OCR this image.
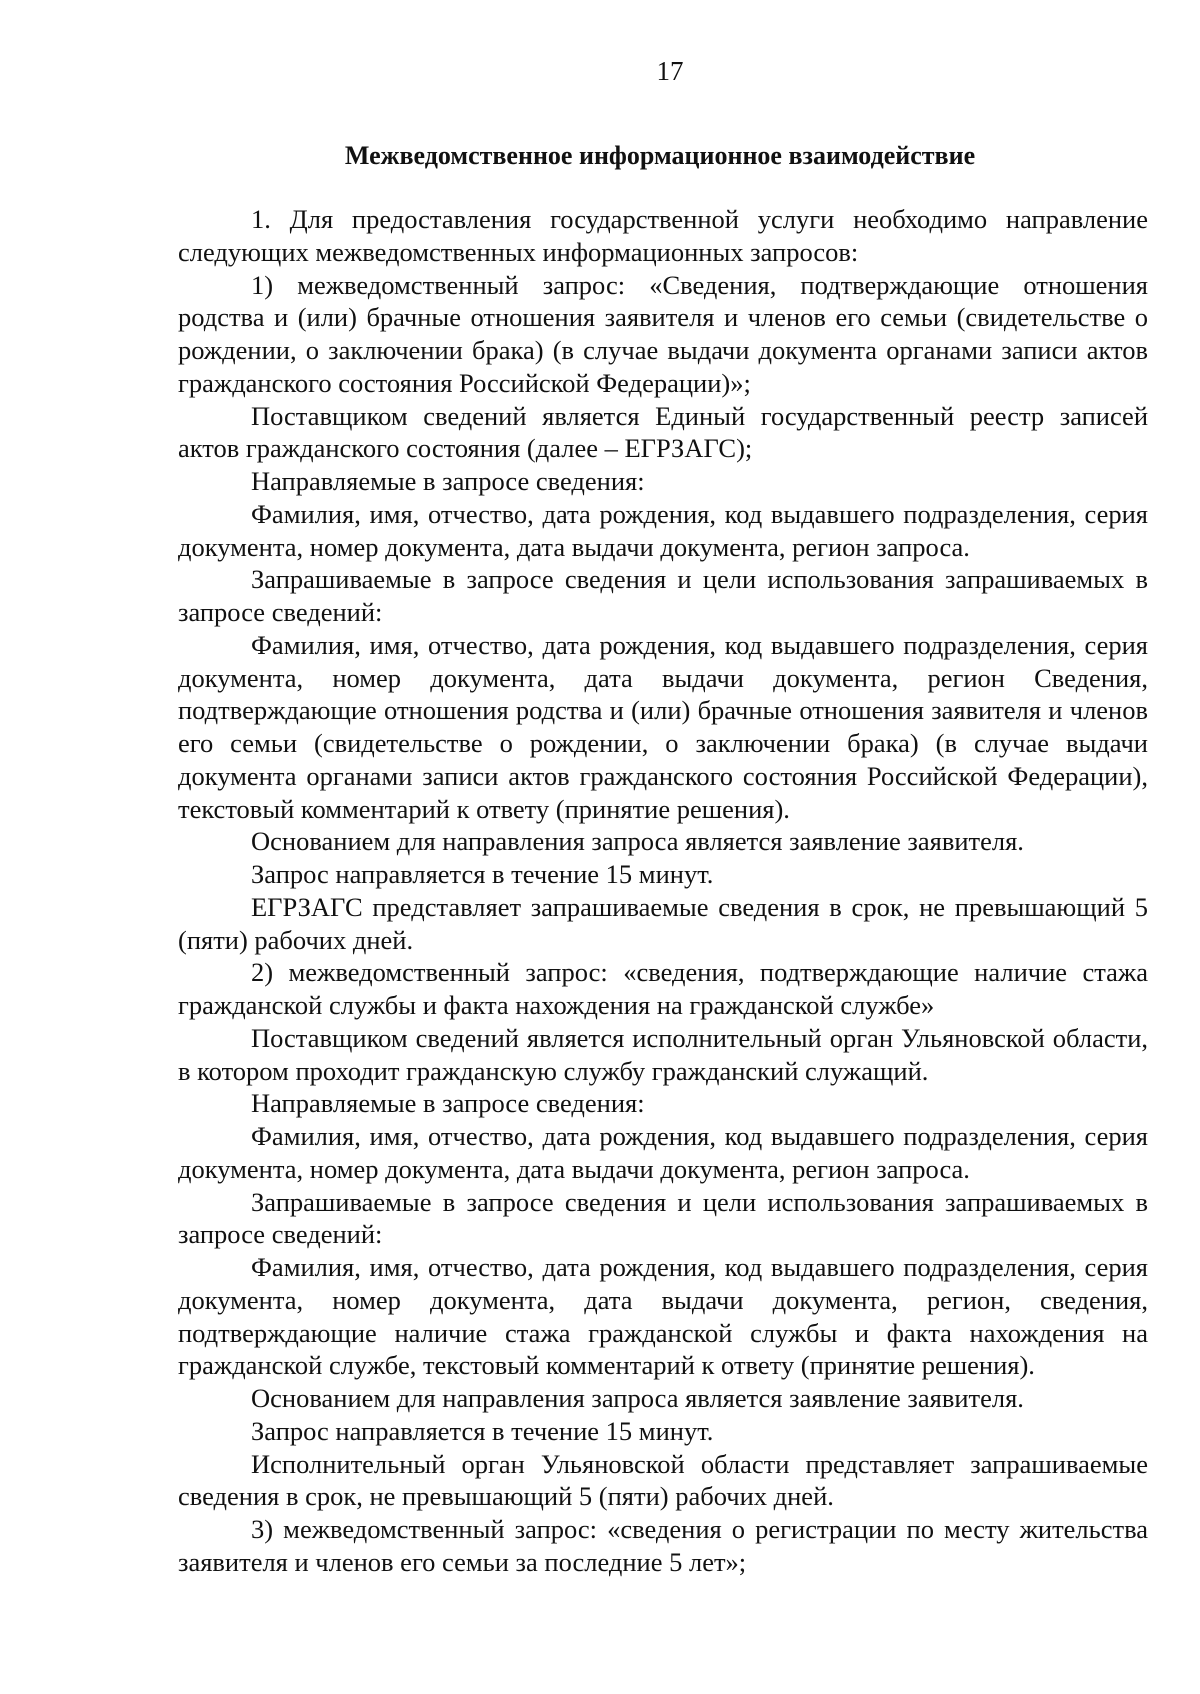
17
Межведомственное информационное взаимодействие

1. Для предоставления государственной услуги необходимо направление следующих межведомственных информационных запросов:

1) межведомственный запрос: «Сведения, подтверждающие отношения родства и (или) брачные отношения заявителя и членов его семьи (свидетельстве о рождении, о заключении брака) (в случае выдачи документа органами записи актов гражданского состояния Российской Федерации)»;

Поставщиком сведений является Единый государственный реестр записей актов гражданского состояния (далее – ЕГРЗАГС);

Направляемые в запросе сведения:

Фамилия, имя, отчество, дата рождения, код выдавшего подразделения, серия документа, номер документа, дата выдачи документа, регион запроса.

Запрашиваемые в запросе сведения и цели использования запрашиваемых в запросе сведений:

Фамилия, имя, отчество, дата рождения, код выдавшего подразделения, серия документа, номер документа, дата выдачи документа, регион Сведения, подтверждающие отношения родства и (или) брачные отношения заявителя и членов его семьи (свидетельстве о рождении, о заключении брака) (в случае выдачи документа органами записи актов гражданского состояния Российской Федерации), текстовый комментарий к ответу (принятие решения).

Основанием для направления запроса является заявление заявителя.

Запрос направляется в течение 15 минут.

ЕГРЗАГС представляет запрашиваемые сведения в срок, не превышающий 5 (пяти) рабочих дней.

2) межведомственный запрос: «сведения, подтверждающие наличие стажа гражданской службы и факта нахождения на гражданской службе»

Поставщиком сведений является исполнительный орган Ульяновской области, в котором проходит гражданскую службу гражданский служащий.

Направляемые в запросе сведения:

Фамилия, имя, отчество, дата рождения, код выдавшего подразделения, серия документа, номер документа, дата выдачи документа, регион запроса.

Запрашиваемые в запросе сведения и цели использования запрашиваемых в запросе сведений:

Фамилия, имя, отчество, дата рождения, код выдавшего подразделения, серия документа, номер документа, дата выдачи документа, регион, сведения, подтверждающие наличие стажа гражданской службы и факта нахождения на гражданской службе, текстовый комментарий к ответу (принятие решения).

Основанием для направления запроса является заявление заявителя.

Запрос направляется в течение 15 минут.

Исполнительный орган Ульяновской области представляет запрашиваемые сведения в срок, не превышающий 5 (пяти) рабочих дней.

3) межведомственный запрос: «сведения о регистрации по месту жительства заявителя и членов его семьи за последние 5 лет»;
